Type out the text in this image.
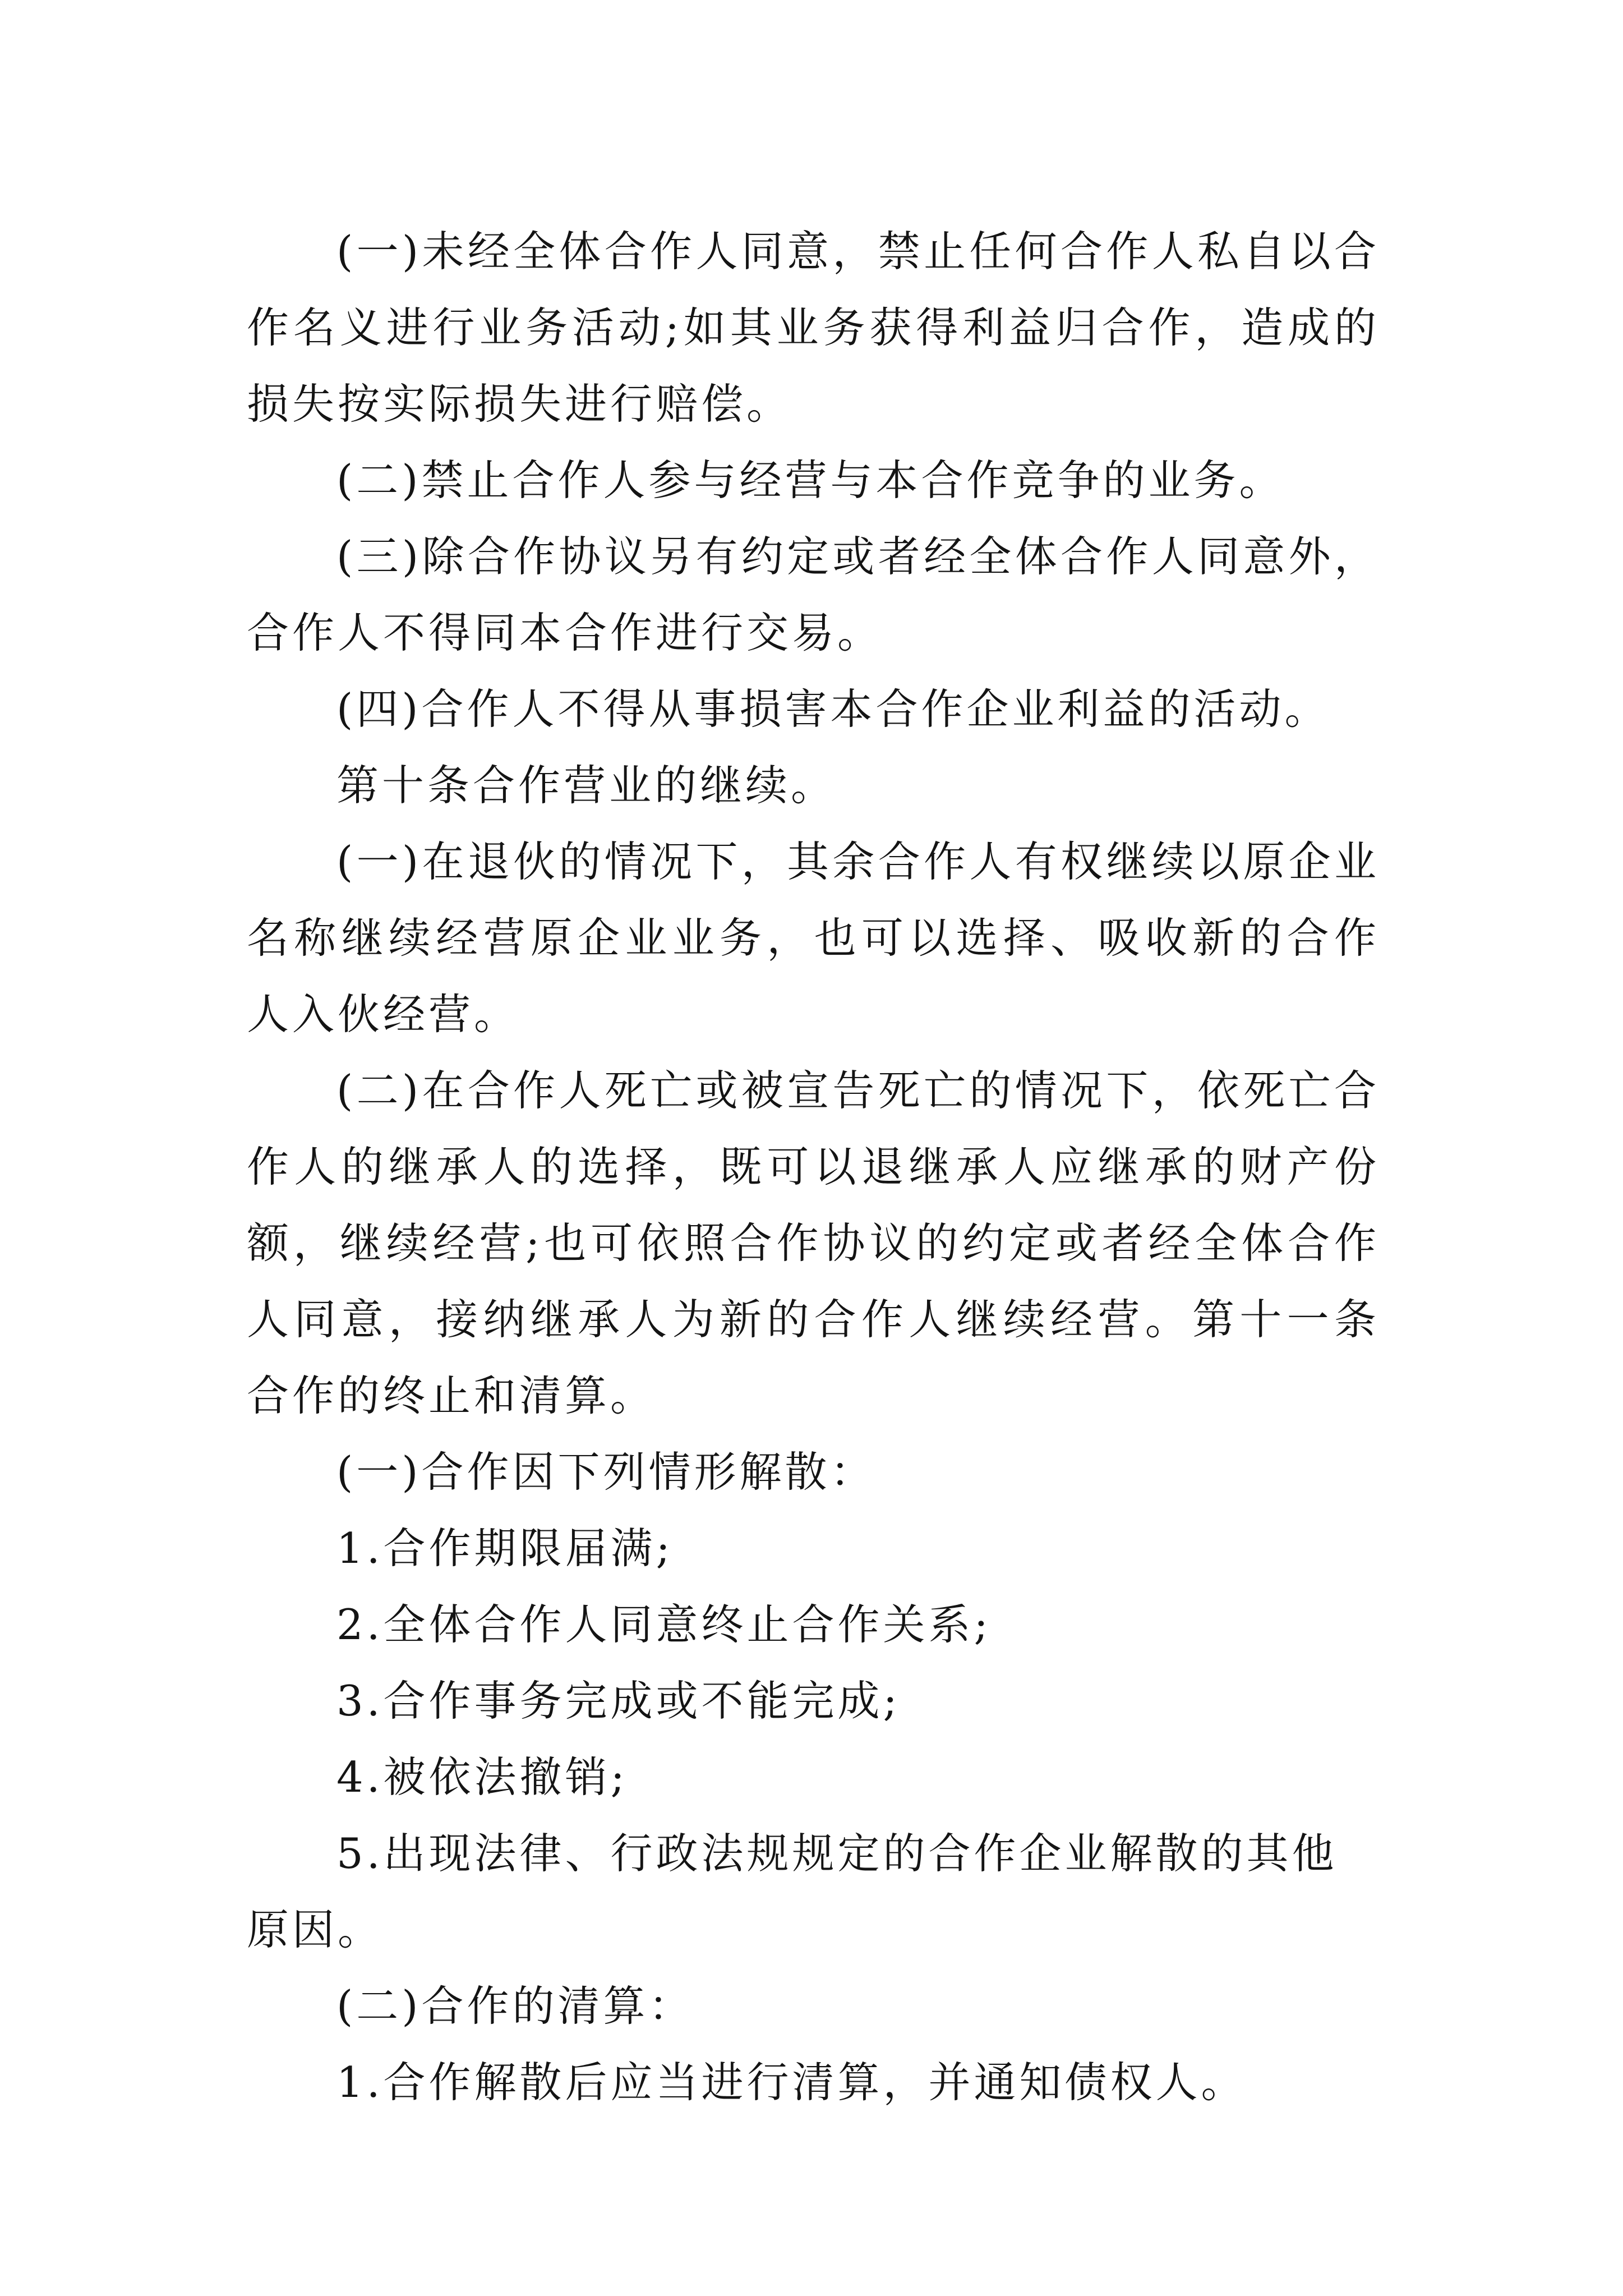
(一)未经全体合作人同意，禁止任何合作人私自以合作名义进行业务活动;如其业务获得利益归合作，造成的损失按实际损失进行赔偿。

(二)禁止合作人参与经营与本合作竞争的业务。

(三)除合作协议另有约定或者经全体合作人同意外，合作人不得同本合作进行交易。

(四)合作人不得从事损害本合作企业利益的活动。

第十条合作营业的继续。

(一)在退伙的情况下，其余合作人有权继续以原企业名称继续经营原企业业务，也可以选择、吸收新的合作人入伙经营。

(二)在合作人死亡或被宣告死亡的情况下，依死亡合作人的继承人的选择，既可以退继承人应继承的财产份额，继续经营;也可依照合作协议的约定或者经全体合作人同意，接纳继承人为新的合作人继续经营。第十一条合作的终止和清算。

(一)合作因下列情形解散：

1.合作期限届满;

2.全体合作人同意终止合作关系;

3.合作事务完成或不能完成;

4.被依法撤销;

5.出现法律、行政法规规定的合作企业解散的其他原因。

(二)合作的清算：

1.合作解散后应当进行清算，并通知债权人。
